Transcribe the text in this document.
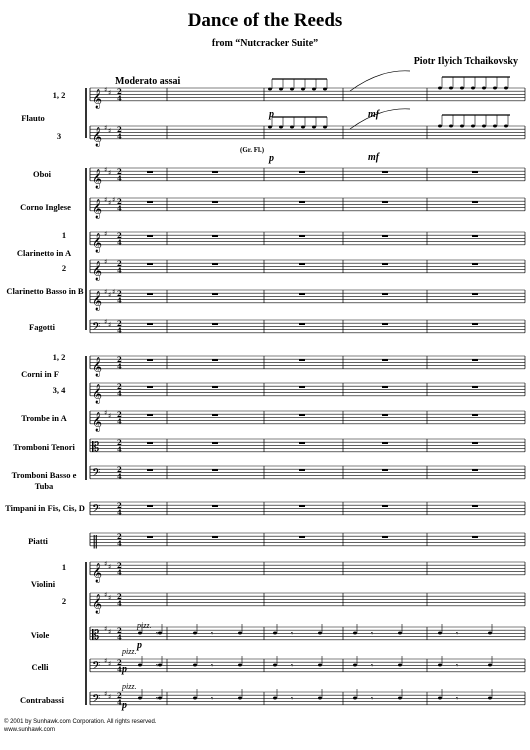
Dance of the Reeds
from “Nutcracker Suite”
Piotr Ilyich Tchaikovsky
Moderato assai
1, 2
Flauto
3
Oboi
Corno Inglese
1
Clarinetto in A
2
Clarinetto Basso in B
Fagotti
1, 2
Corni in F
3, 4
Trombe in A
Tromboni Tenori
Tromboni Basso e Tuba
Timpani in Fis, Cis, D
Piatti
1
Violini
2
Viole
Celli
Contrabassi
© 2001 by Sunhawk.com Corporation. All rights reserved.
www.sunhawk.com
(Gr. Fl.)
p
p
mf
mf
pizz.
p
pizz.
p
pizz.
p
𝄞 ♯ ♯ 2
4
𝄞 ♯ ♯ 2
4
𝄞 ♯ ♯ 2
4
𝄞 ♯ ♯ ♯ 2
4
𝄞 ♯ 2
4
𝄞 ♯ 2
4
𝄞 ♯ ♯ ♯ 2
4
𝄢 ♯ ♯ 2
4
𝄞 2
4
𝄞 2
4
𝄞 ♯ ♯ 2
4
𝄡	2
4
𝄢 2
4
𝄢 2
4
‖	2
4
𝄞 ♯ ♯ 2
4
𝄞 ♯ ♯ 2
4
𝄡 ♯ ♯ 2
4
𝄢 ♯ ♯ 2
4
𝄢 ♯ ♯ 2
4
𝄾	𝄾	𝄾	𝄾	𝄾
𝄾	𝄾	𝄾	𝄾	𝄾
𝄾	𝄾	𝄾	𝄾	𝄾
